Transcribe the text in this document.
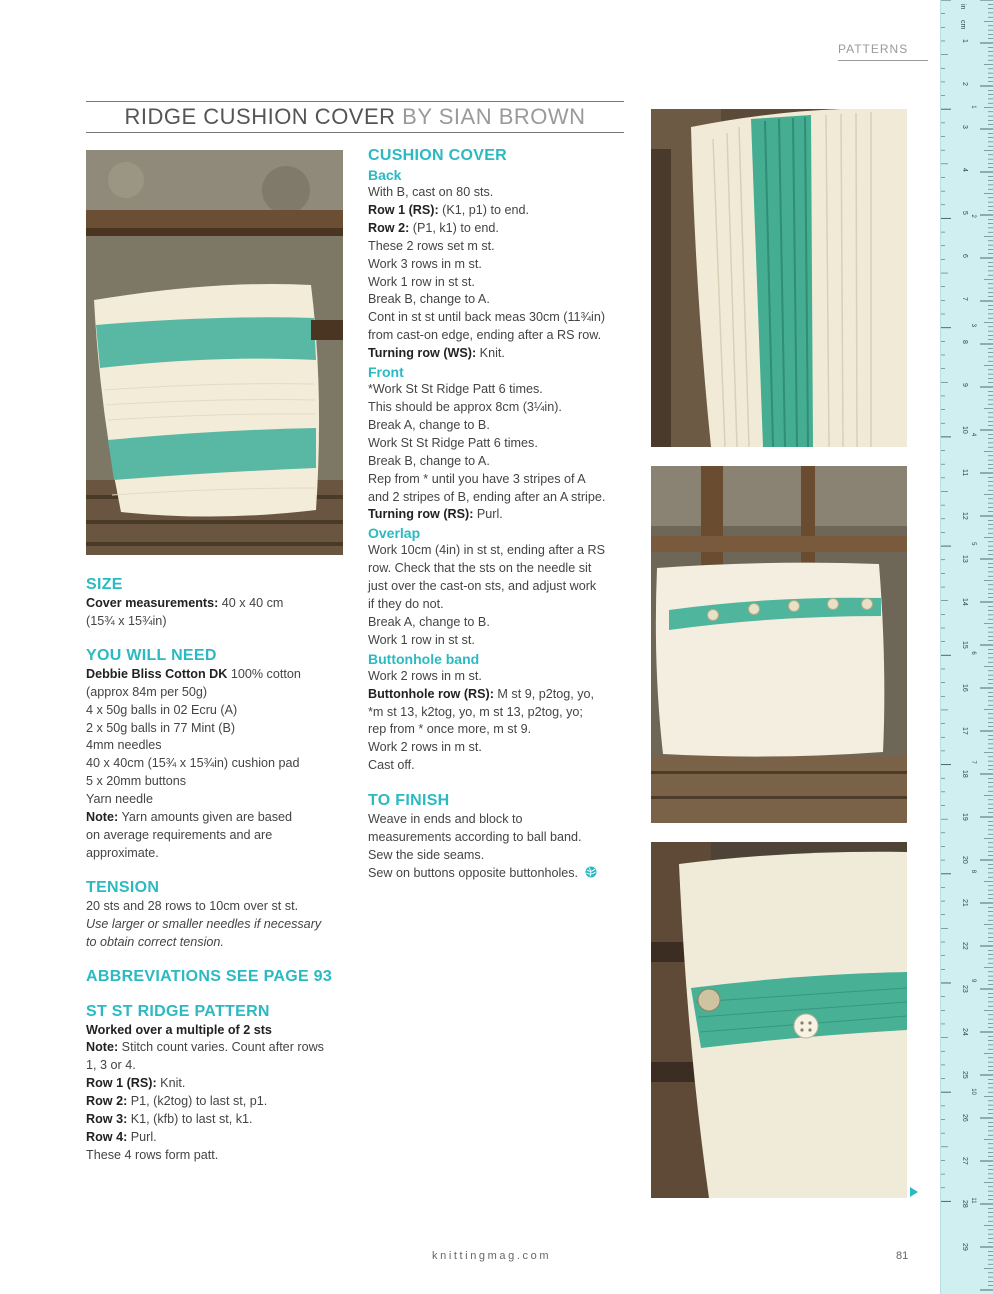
PATTERNS
RIDGE CUSHION COVER BY SIAN BROWN

SIZE

Cover measurements: 40 x 40 cm

(15¾ x 15¾in)

YOU WILL NEED

Debbie Bliss Cotton DK 100% cotton

(approx 84m per 50g)

4 x 50g balls in 02 Ecru (A)

2 x 50g balls in 77 Mint (B)

4mm needles

40 x 40cm (15¾ x 15¾in) cushion pad

5 x 20mm buttons

Yarn needle

Note: Yarn amounts given are based

on average requirements and are

approximate.

TENSION

20 sts and 28 rows to 10cm over st st.

Use larger or smaller needles if necessary

to obtain correct tension.

ABBREVIATIONS SEE PAGE 93

ST ST RIDGE PATTERN

Worked over a multiple of 2 sts

Note: Stitch count varies. Count after rows

1, 3 or 4.

Row 1 (RS): Knit.

Row 2: P1, (k2tog) to last st, p1.

Row 3: K1, (kfb) to last st, k1.

Row 4: Purl.

These 4 rows form patt.

CUSHION COVER

Back

With B, cast on 80 sts.

Row 1 (RS): (K1, p1) to end.

Row 2: (P1, k1) to end.

These 2 rows set m st.

Work 3 rows in m st.

Work 1 row in st st.

Break B, change to A.

Cont in st st until back meas 30cm (11¾in)

from cast-on edge, ending after a RS row.

Turning row (WS): Knit.

Front

*Work St St Ridge Patt 6 times.

This should be approx 8cm (3¼in).

Break A, change to B.

Work St St Ridge Patt 6 times.

Break B, change to A.

Rep from * until you have 3 stripes of A

and 2 stripes of B, ending after an A stripe.

Turning row (RS): Purl.

Overlap

Work 10cm (4in) in st st, ending after a RS

row. Check that the sts on the needle sit

just over the cast-on sts, and adjust work

if they do not.

Break A, change to B.

Work 1 row in st st.

Buttonhole band

Work 2 rows in m st.

Buttonhole row (RS): M st 9, p2tog, yo,

*m st 13, k2tog, yo, m st 13, p2tog, yo;

rep from * once more, m st 9.

Work 2 rows in m st.

Cast off.

TO FINISH

Weave in ends and block to

measurements according to ball band.

Sew the side seams.

Sew on buttons opposite buttonholes.

knittingmag.com	81
in
cm
1
2
3
4
5
6
7
8
9
10
11
12
13
14
15
16
17
18
19
20
21
22
23
24
25
26
27
28
29
1
2
3
4
5
6
7
8
9
10
11
